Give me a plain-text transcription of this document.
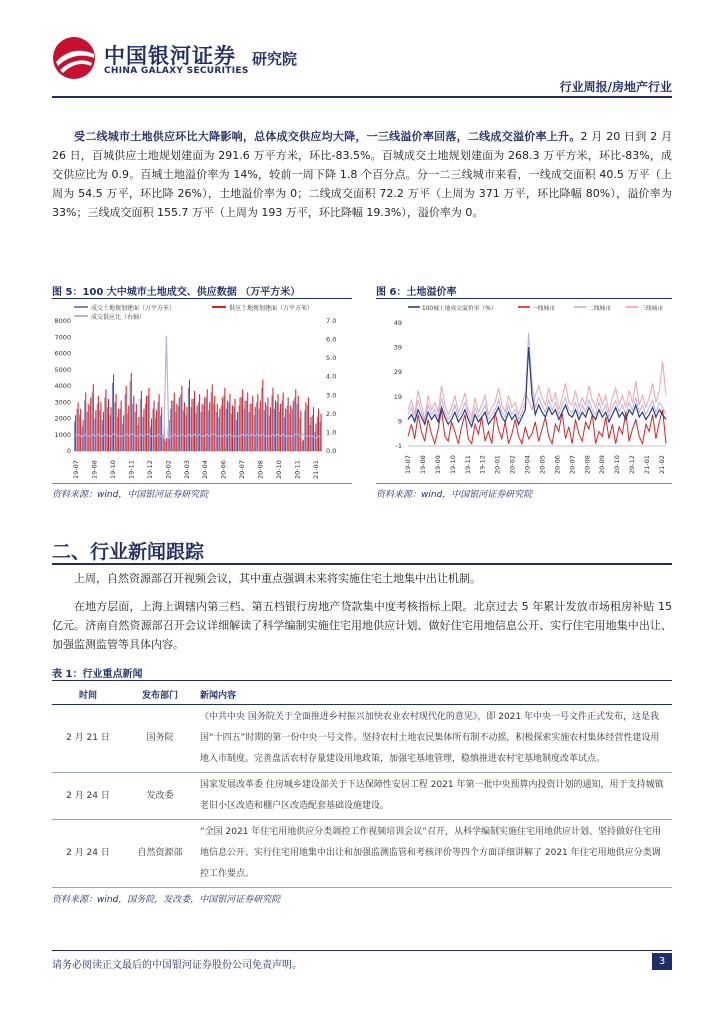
中国银河证券
CHINA GALAXY SECURITIES
研究院
行业周报/房地产行业
受二线城市土地供应环比大降影响，总体成交供应均大降，一三线溢价率回落，二线成交溢价率上升。2 月 20 日到 2 月 26 日，百城供应土地规划建面为 291.6 万平方米，环比-83.5%。百城成交土地规划建面为 268.3 万平方米，环比-83%，成交供应比为 0.9。百城土地溢价率为 14%，较前一周下降 1.8 个百分点。分一二三线城市来看，一线成交面积 40.5 万平（上周为 54.5 万平，环比降 26%），土地溢价率为 0；二线成交面积 72.2 万平（上周为 371 万平，环比降幅 80%），溢价率为 33%；三线成交面积 155.7 万平（上周为 193 万平，环比降幅 19.3%），溢价率为 0。
图 5：100 大中城市土地成交、供应数据 （万平方米）
成交土地规划建面（万平方米）	供应土地规划建面（万平方米）
成交供应比（右轴）
0
1000
2000
3000
4000
5000
6000
7000
8000
0.0
1.0
2.0
3.0
4.0
5.0
6.0
7.0
19-07 19-08 19-10 19-11 19-12 20-02 20-03 20-04 20-06 20-07 20-08 20-10 20-11 21-01
资料来源：wind，中国银河证券研究院
图 6：土地溢价率
100城土地成交溢价率（%）	一线城市	二线城市	三线城市
-1
9
19
29
39
49
19-07 19-08 19-09 19-10 19-11 19-12 20-01 20-02 20-04 20-05 20-06 20-07 20-08 20-09 20-10 20-12 21-01 21-02
资料来源：wind，中国银河证券研究院
二、行业新闻跟踪
上周，自然资源部召开视频会议，其中重点强调未来将实施住宅土地集中出让机制。
在地方层面，上海上调辖内第三档、第五档银行房地产贷款集中度考核指标上限。北京过去 5 年累计发放市场租房补贴 15 亿元。济南自然资源部召开会议详细解读了科学编制实施住宅用地供应计划、做好住宅用地信息公开、实行住宅用地集中出让、加强监测监管等具体内容。
表 1：行业重点新闻
时间	发布部门	新闻内容
2 月 21 日	国务院	《中共中央 国务院关于全面推进乡村振兴加快农业农村现代化的意见》，即 2021 年中央一号文件正式发布，这是我国“十四五”时期的第一份中央一号文件。坚持农村土地农民集体所有制不动摇，积极探索实施农村集体经营性建设用地入市制度。完善盘活农村存量建设用地政策，加强宅基地管理，稳慎推进农村宅基地制度改革试点。
2 月 24 日	发改委	国家发展改革委 住房城乡建设部关于下达保障性安居工程 2021 年第一批中央预算内投资计划的通知，用于支持城镇老旧小区改造和棚户区改造配套基础设施建设。
2 月 24 日	自然资源部	“全国 2021 年住宅用地供应分类调控工作视频培训会议”召开，从科学编制实施住宅用地供应计划、坚持做好住宅用地信息公开、实行住宅用地集中出让和加强监测监管和考核评价等四个方面详细讲解了 2021 年住宅用地供应分类调控工作要点。
资料来源：wind，国务院，发改委，中国银河证券研究院
请务必阅读正文最后的中国银河证券股份公司免责声明。	3
